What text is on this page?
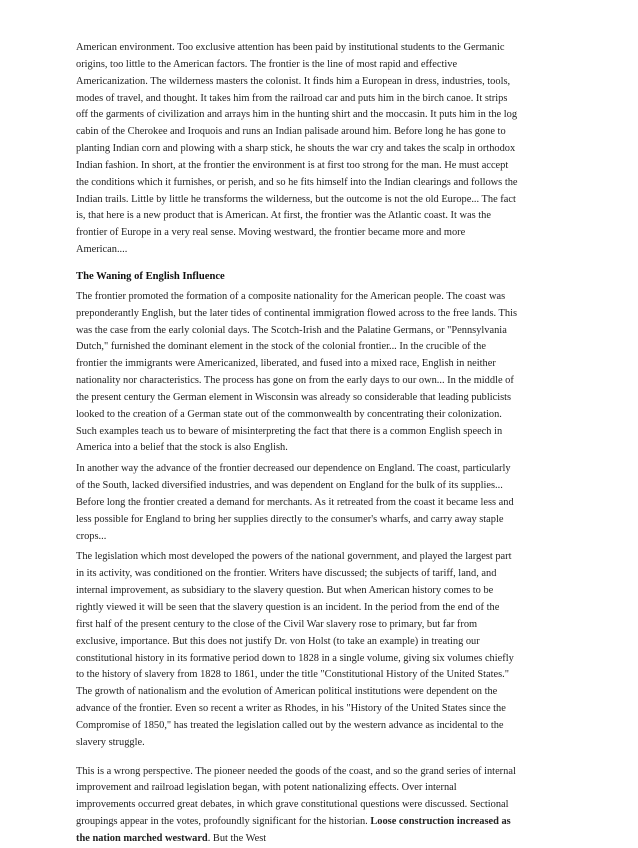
American environment. Too exclusive attention has been paid by institutional students to the Germanic origins, too little to the American factors. The frontier is the line of most rapid and effective Americanization. The wilderness masters the colonist. It finds him a European in dress, industries, tools, modes of travel, and thought. It takes him from the railroad car and puts him in the birch canoe. It strips off the garments of civilization and arrays him in the hunting shirt and the moccasin. It puts him in the log cabin of the Cherokee and Iroquois and runs an Indian palisade around him. Before long he has gone to planting Indian corn and plowing with a sharp stick, he shouts the war cry and takes the scalp in orthodox Indian fashion. In short, at the frontier the environment is at first too strong for the man. He must accept the conditions which it furnishes, or perish, and so he fits himself into the Indian clearings and follows the Indian trails. Little by little he transforms the wilderness, but the outcome is not the old Europe... The fact is, that here is a new product that is American. At first, the frontier was the Atlantic coast. It was the frontier of Europe in a very real sense. Moving westward, the frontier became more and more American....

The Waning of English Influence

The frontier promoted the formation of a composite nationality for the American people. The coast was preponderantly English, but the later tides of continental immigration flowed across to the free lands. This was the case from the early colonial days. The Scotch-Irish and the Palatine Germans, or "Pennsylvania Dutch," furnished the dominant element in the stock of the colonial frontier... In the crucible of the frontier the immigrants were Americanized, liberated, and fused into a mixed race, English in neither nationality nor characteristics. The process has gone on from the early days to our own... In the middle of the present century the German element in Wisconsin was already so considerable that leading publicists looked to the creation of a German state out of the commonwealth by concentrating their colonization. Such examples teach us to beware of misinterpreting the fact that there is a common English speech in America into a belief that the stock is also English.

In another way the advance of the frontier decreased our dependence on England. The coast, particularly of the South, lacked diversified industries, and was dependent on England for the bulk of its supplies... Before long the frontier created a demand for merchants. As it retreated from the coast it became less and less possible for England to bring her supplies directly to the consumer's wharfs, and carry away staple crops...

The legislation which most developed the powers of the national government, and played the largest part in its activity, was conditioned on the frontier. Writers have discussed; the subjects of tariff, land, and internal improvement, as subsidiary to the slavery question. But when American history comes to be rightly viewed it will be seen that the slavery question is an incident. In the period from the end of the first half of the present century to the close of the Civil War slavery rose to primary, but far from exclusive, importance. But this does not justify Dr. von Holst (to take an example) in treating our constitutional history in its formative period down to 1828 in a single volume, giving six volumes chiefly to the history of slavery from 1828 to 1861, under the title "Constitutional History of the United States." The growth of nationalism and the evolution of American political institutions were dependent on the advance of the frontier. Even so recent a writer as Rhodes, in his "History of the United States since the Compromise of 1850," has treated the legislation called out by the western advance as incidental to the slavery struggle.

This is a wrong perspective. The pioneer needed the goods of the coast, and so the grand series of internal improvement and railroad legislation began, with potent nationalizing effects. Over internal improvements occurred great debates, in which grave constitutional questions were discussed. Sectional groupings appear in the votes, profoundly significant for the historian. Loose construction increased as the nation marched westward. But the West
